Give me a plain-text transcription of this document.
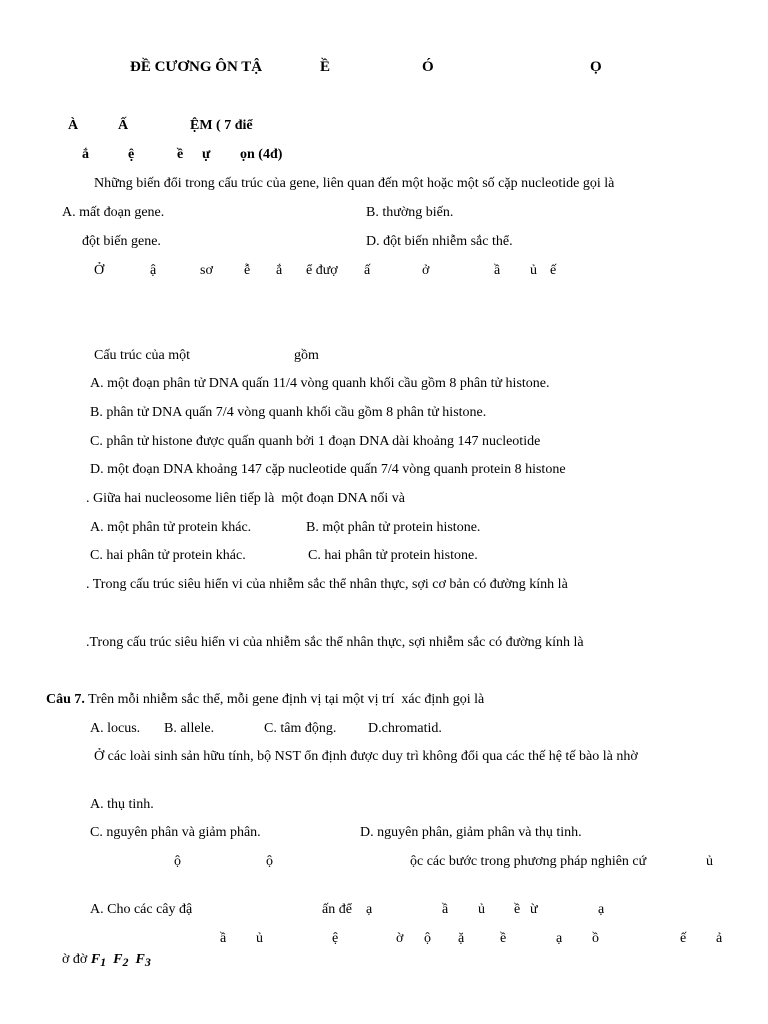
ĐỀ CƯƠNG ÔN TẬ	Ề	Ó	Ọ
À	Ấ	ỆM ( 7 điể
ắ	ệ	ề ự ọn (4đ)
Những biến đổi trong cấu trúc của gene, liên quan đến một hoặc một số cặp nucleotide gọi là
A. mất đoạn gene.	B. thường biến.
đột biến gene.	D. đột biến nhiễm sắc thể.
Ở	ậ	sơ ễ ắ ể đượ ấ	ở	ầ ủ ế
Cấu trúc của một	gồm
A. một đoạn phân tử DNA quấn 11/4 vòng quanh khối cầu gồm 8 phân tử histone.
B. phân tử DNA quấn 7/4 vòng quanh khối cầu gồm 8 phân tử histone.
C. phân tử histone được quấn quanh bởi 1 đoạn DNA dài khoảng 147 nucleotide
D. một đoạn DNA khoảng 147 cặp nucleotide quấn 7/4 vòng quanh protein 8 histone
. Giữa hai nucleosome liên tiếp là  một đoạn DNA nối và
A. một phân tử protein khác.	B. một phân tử protein histone.
C. hai phân tử protein khác.	C. hai phân tử protein histone.
. Trong cấu trúc siêu hiển vi của nhiễm sắc thể nhân thực, sợi cơ bản có đường kính là
.Trong cấu trúc siêu hiển vi của nhiễm sắc thể nhân thực, sợi nhiễm sắc có đường kính là
Câu 7. Trên mỗi nhiễm sắc thể, mỗi gene định vị tại một vị trí  xác định gọi là
A. locus. B. allele.	C. tâm động. D.chromatid.
Ở các loài sinh sản hữu tính, bộ NST ổn định được duy trì không đổi qua các thế hệ tế bào là nhờ
A. thụ tinh.
C. nguyên phân và giảm phân.	D. nguyên phân, giảm phân và thụ tinh.
ộ	ộ	ộc các bước trong phương pháp nghiên cứ	ủ
A. Cho các cây đậ	ấn để ạ	ầ ủ ề ừ	ạ
ầ ủ	ệ	ờ ộ ặ	ề	ạ ồ	ế ả
ờ đờ F1 F2 F3
